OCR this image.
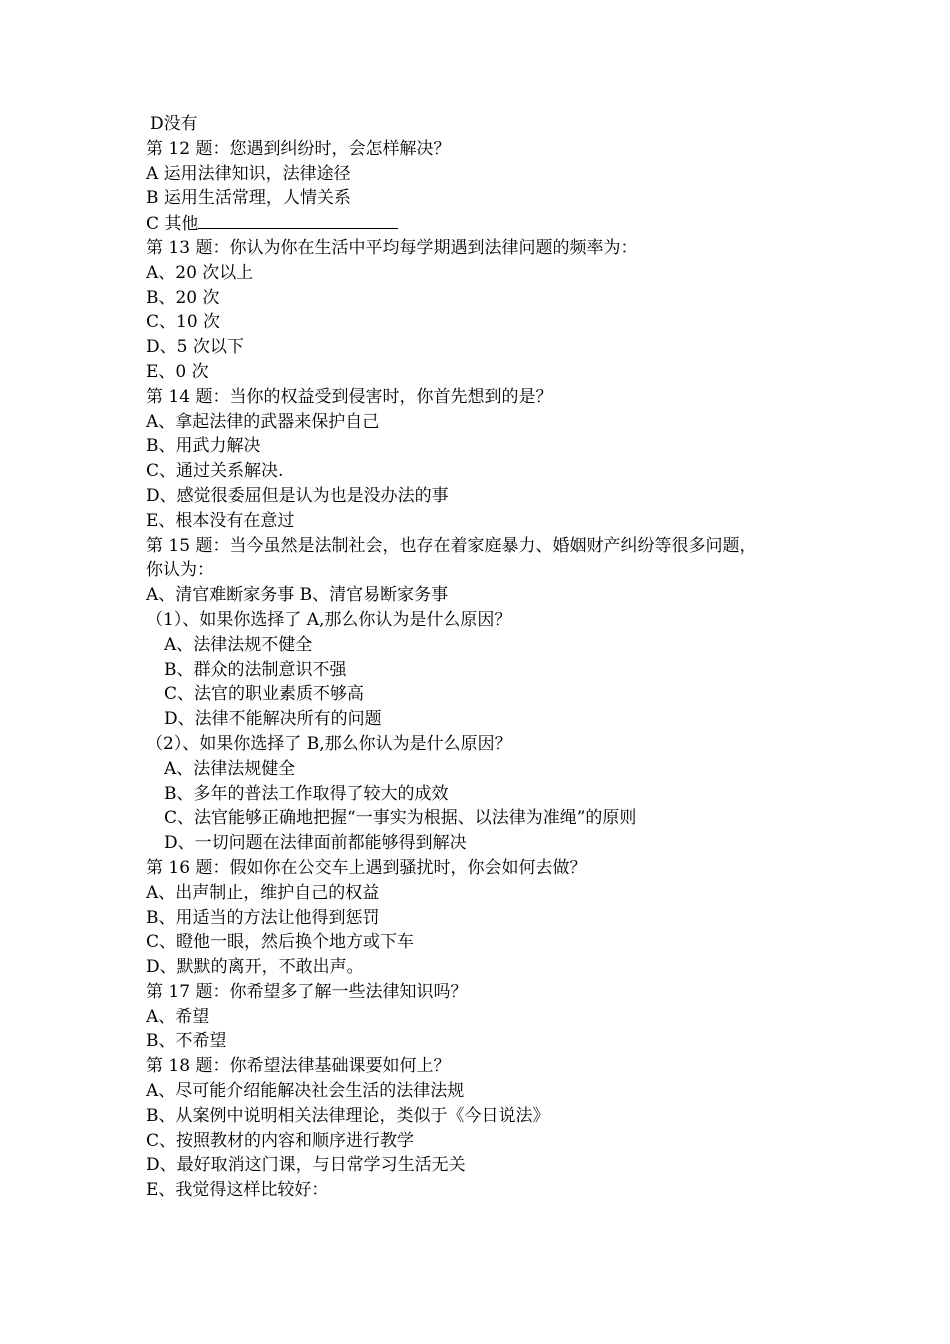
D没有
第 12 题：您遇到纠纷时，会怎样解决？
A 运用法律知识，法律途径
B 运用生活常理，人情关系
C 其他
第 13 题：你认为你在生活中平均每学期遇到法律问题的频率为：
A、20 次以上
B、20 次
C、10 次
D、5 次以下
E、0 次
第 14 题：当你的权益受到侵害时，你首先想到的是？
A、拿起法律的武器来保护自己
B、用武力解决
C、通过关系解决.
D、感觉很委屈但是认为也是没办法的事
E、根本没有在意过
第 15 题：当今虽然是法制社会，也存在着家庭暴力、婚姻财产纠纷等很多问题，
你认为：
A、清官难断家务事 B、清官易断家务事
（1）、如果你选择了 A,那么你认为是什么原因？
A、法律法规不健全
B、群众的法制意识不强
C、法官的职业素质不够高
D、法律不能解决所有的问题
（2）、如果你选择了 B,那么你认为是什么原因？
A、法律法规健全
B、多年的普法工作取得了较大的成效
C、法官能够正确地把握“一事实为根据、以法律为准绳”的原则
D、一切问题在法律面前都能够得到解决
第 16 题：假如你在公交车上遇到骚扰时，你会如何去做？
A、出声制止，维护自己的权益
B、用适当的方法让他得到惩罚
C、瞪他一眼，然后换个地方或下车
D、默默的离开，不敢出声。
第 17 题：你希望多了解一些法律知识吗？
A、希望
B、不希望
第 18 题：你希望法律基础课要如何上？
A、尽可能介绍能解决社会生活的法律法规
B、从案例中说明相关法律理论，类似于《今日说法》
C、按照教材的内容和顺序进行教学
D、最好取消这门课，与日常学习生活无关
E、我觉得这样比较好：
